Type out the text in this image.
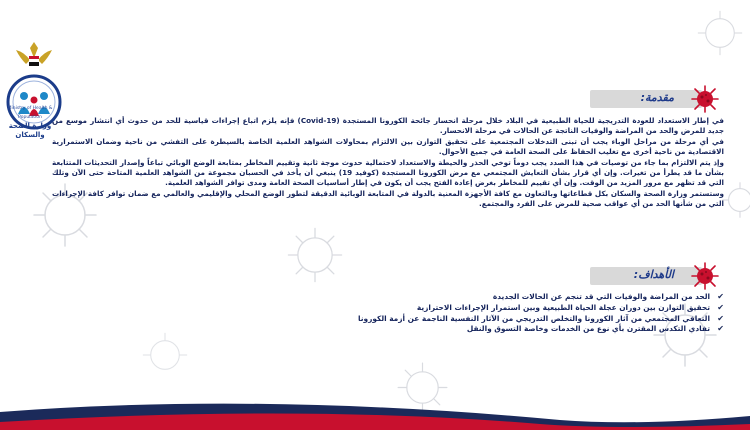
Ministry of Health & Population
وزارة الصحة والسكان
مقدمة:

في إطار الاستعداد للعودة التدريجية للحياة الطبيعية في البلاد خلال مرحلة انحسار جائحة الكورونا المستجدة (Covid-19) فإنه يلزم اتباع إجراءات قياسية للحد من حدوث أي انتشار موسع من جديد للمرض والحد من المراضة والوفيات الناتجة عن الحالات في مرحلة الانحسار.

في أي مرحلة من مراحل الوباء يجب أن تبنى التدخلات المجتمعية على تحقيق التوازن بين الالتزام بمحاولات الشواهد العلمية الخاصة بالسيطرة على التفشي من ناحية وضمان الاستمرارية الاقتصادية من ناحية أخرى مع تغليب الحفاظ على الصحة العامة في جميع الأحوال.

وإذ يتم الالتزام بما جاء من توصيات في هذا الصدد يجب دوماً توخي الحذر والحيطة والاستعداد لاحتمالية حدوث موجة ثانية وتقييم المخاطر بمتابعة الوضع الوبائي تباعاً وإصدار التحديثات المتتابعة بشأن ما قد يطرأ من تغيرات. وإن أي قرار بشأن التعايش المجتمعي مع مرض الكورونا المستجدة (كوفيد 19) ينبغي أن يأخذ في الحسبان مجموعة من الشواهد العلمية المتاحة حتى الآن وتلك التي قد تظهر مع مرور المزيد من الوقت. وإن أي تقييم للمخاطر بغرض إعادة الفتح يجب أن يكون في إطار أساسيات الصحة العامة ومدى توافر الشواهد العلمية.

وستستمر وزارة الصحة والسكان بكل قطاعاتها وبالتعاون مع كافة الأجهزة المعنية بالدولة في المتابعة الوبائية الدقيقة لتطور الوضع المحلي والإقليمي والعالمي مع ضمان توافر كافة الإجراءات التي من شأنها الحد من أي عواقب صحية للمرض على الفرد والمجتمع.

الأهداف:
✔
الحد من المراضة والوفيات التي قد تنجم عن الحالات الجديدة
✔
تحقيق التوازن بين دوران عجلة الحياة الطبيعية وبين استمرار الإجراءات الاحترازية
✔
التعافي المجتمعي من آثار الكورونا والتخلص التدريجي من الآثار النفسية الناجمة عن أزمة الكورونا
✔
تفادي التكدس المقترن بأي نوع من الخدمات وخاصة التسوق والنقل
